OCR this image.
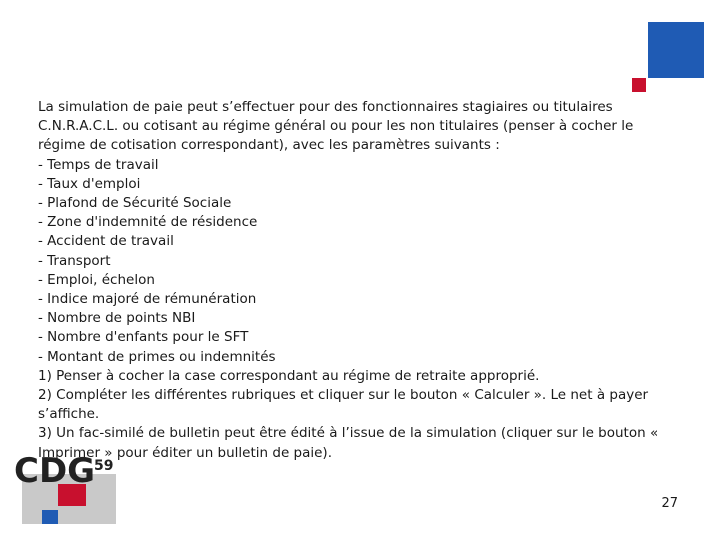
La simulation de paie peut s’effectuer pour des fonctionnaires stagiaires ou titulaires C.N.R.A.C.L. ou cotisant au régime général ou pour les non titulaires (penser à cocher le régime de cotisation correspondant), avec les paramètres suivants :

- Temps de travail

- Taux d'emploi

- Plafond de Sécurité Sociale

- Zone d'indemnité de résidence

- Accident de travail

- Transport

- Emploi, échelon

- Indice majoré de rémunération

- Nombre de points NBI

- Nombre d'enfants pour le SFT

- Montant de primes ou indemnités

1) Penser à cocher la case correspondant au régime de retraite approprié.

2) Compléter les différentes rubriques et cliquer sur le bouton « Calculer ». Le net à payer s’affiche.

3) Un fac-similé de bulletin peut être édité à l’issue de la simulation (cliquer sur le bouton « Imprimer » pour éditer un bulletin de paie).

CDG
59
27
